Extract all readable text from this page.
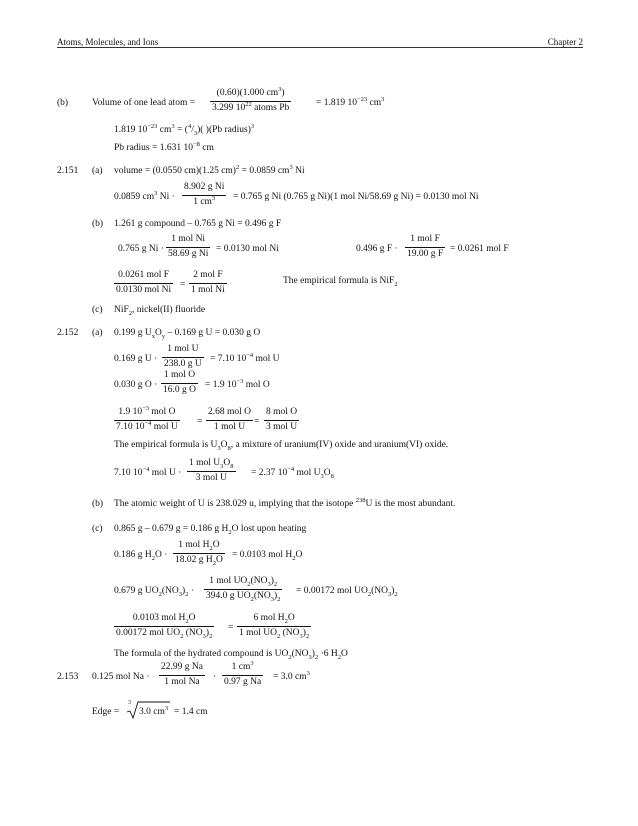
Atoms, Molecules, and Ions	Chapter 2
(b)	Volume of one lead atom =
(0.60)(1.000 $cm^3$)
3.299 $10^{22}$ atoms Pb	= 1.819 $10^{-23}$ $cm^3$
1.819 $10^{-23}$ $cm^3 = (^4/_3)$( )(Pb radius)$^3$
Pb radius = 1.631 $10^{-8}$ cm
2.151 (a) volume = (0.0550 cm)(1.25 cm)$^2$ = 0.0859 $cm^3$ Ni
0.0859 $cm^3$ $Ni \cdot \frac{\text{8.902 g Ni}}{1 cm^3} = 0.765$ g Ni (0.765 g Ni)(1 mol Ni/58.69 g Ni) = 0.0130 mol Ni
(b) 1.261 g compound – 0.765 g Ni = 0.496 g F
0.765 g Ni ·
1 mol Ni
58.69 g Ni = 0.0130 mol Ni	0.496 g F ·
1 mol F
19.00 g F = 0.0261 mol F
0.0261 mol F
0.0130 mol Ni =
2 mol F
1 mol Ni
The empirical formula is NiF$_2$
(c) NiF$_2$, nickel(II) fluoride
2.152 (a) 0.199 g $U_xO_y - 0.169$ g U = 0.030 g O
0.169 g U ·
1 mol U
238.0 g U = 7.10 $10^{-4}$ mol U
0.030 g O ·
1 mol O
16.0 g O = 1.9 $10^{-3}$ mol O
1.9 $10^{-3}$ mol O
7.10 $10^{-4}$ mol U =
2.68 mol O
1 mol U =
8 mol O
3 mol U
The empirical formula is $U_3O_8$, a mixture of uranium(IV) oxide and uranium(VI) oxide.
7.10 $10^{-4}$ mol U ·
1 mol $U_3O_8$
3 mol U	= 2.37 $10^{-4}$ mol $U_3O_8$
(b) The atomic weight of U is 238.029 u, implying that the isotope $^{238}$U is the most abundant.
(c) 0.865 g – 0.679 g = 0.186 g $H_2O$ lost upon heating
0.186 g $H_2O$ ·
1 mol $H_2O$
18.02 g $H_2O = 0.0103$ mol $H_2O$
0.679 g $UO_2(NO_3)_2$ ·
1 mol $UO_2(NO_3)_2$
394.0 g $UO_2(NO_3)_2$
= 0.00172 mol $UO_2(NO_3)_2$
0.0103 mol $H_2O$
0.00172 mol $UO_2$ $(NO_3)_2$
=
6 mol $H_2O$
1 mol $UO_2$ $(NO_3)_2$
The formula of the hydrated compound is $UO_2(NO_3)_2 \cdot 6$ $H_2O$
2.153 0.125 mol Na ·
22.99 g Na
1 mol Na	· $\frac{1 cm^3}{\text{0.97 g Na}} = 3.0$ $cm^3$
Edge =
3
3.0 $cm^3 = 1.4$ cm
